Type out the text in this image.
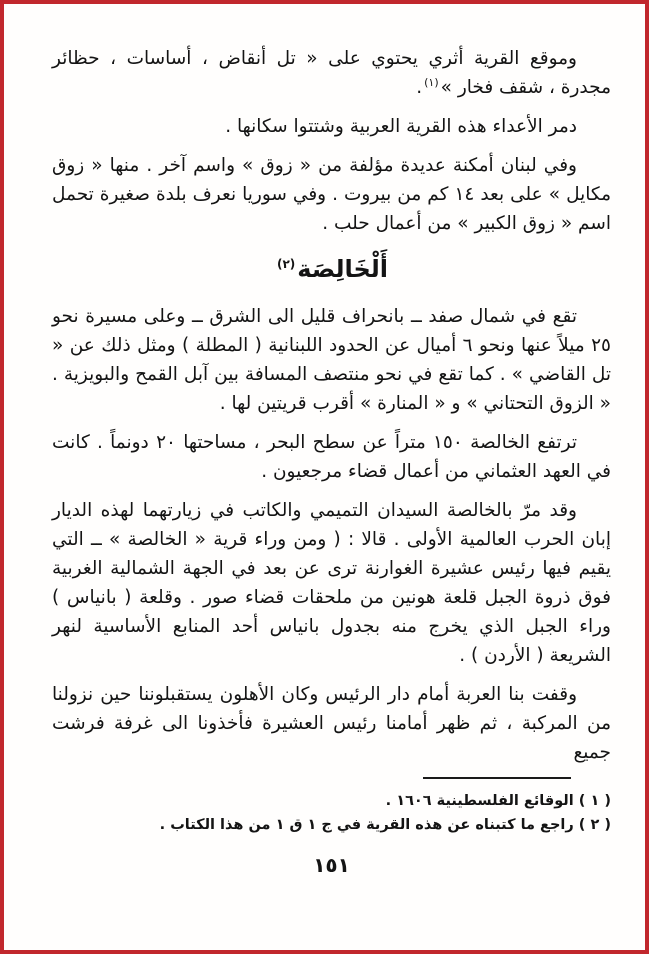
وموقع القرية أثري يحتوي على « تل أنقاض ، أساسات ، حظائر مجدرة ، شقف فخار »$^{(١)}$.

دمر الأعداء هذه القرية العربية وشتتوا سكانها .

وفي لبنان أمكنة عديدة مؤلفة من « زوق » واسم آخر . منها « زوق مكايل » على بعد ١٤ كم من بيروت . وفي سوريا نعرف بلدة صغيرة تحمل اسم « زوق الكبير » من أعمال حلب .

أَلْخَالِصَة$^{(٢)}$

تقع في شمال صفد ــ بانحراف قليل الى الشرق ــ وعلى مسيرة نحو ٢٥ ميلاً عنها ونحو ٦ أميال عن الحدود اللبنانية ( المطلة ) ومثل ذلك عن « تل القاضي » . كما تقع في نحو منتصف المسافة بين آبل القمح والبويزية . « الزوق التحتاني » و « المنارة » أقرب قريتين لها .

ترتفع الخالصة ١٥٠ متراً عن سطح البحر ، مساحتها ٢٠ دونماً . كانت في العهد العثماني من أعمال قضاء مرجعيون .

وقد مرّ بالخالصة السيدان التميمي والكاتب في زيارتهما لهذه الديار إبان الحرب العالمية الأولى . قالا : ( ومن وراء قرية « الخالصة » ــ التي يقيم فيها رئيس عشيرة الغوارنة ترى عن بعد في الجهة الشمالية الغربية فوق ذروة الجبل قلعة هونين من ملحقات قضاء صور . وقلعة ( بانياس ) وراء الجبل الذي يخرج منه بجدول بانياس أحد المنابع الأساسية لنهر الشريعة ( الأردن ) .

وقفت بنا العربة أمام دار الرئيس وكان الأهلون يستقبلوننا حين نزولنا من المركبة ، ثم ظهر أمامنا رئيس العشيرة فأخذونا الى غرفة فرشت جميع

( ١ ) الوقائع الفلسطينية ١٦٠٦ .

( ٢ ) راجع ما كتبناه عن هذه القرية في ج ١ ق ١ من هذا الكتاب .

١٥١
